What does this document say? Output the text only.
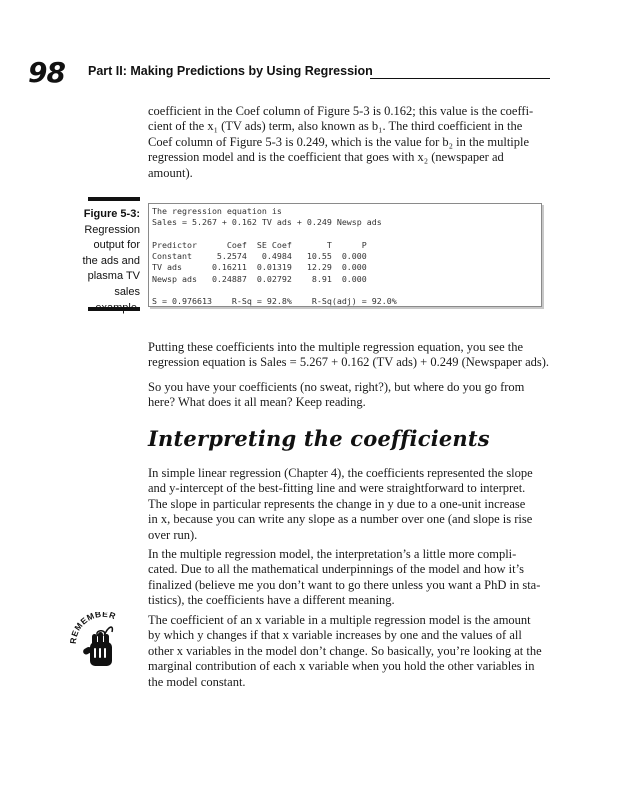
98 Part II: Making Predictions by Using Regression
coefficient in the Coef column of Figure 5-3 is 0.162; this value is the coeffi-
cient of the x₁ (TV ads) term, also known as b₁. The third coefficient in the
Coef column of Figure 5-3 is 0.249, which is the value for b₂ in the multiple
regression model and is the coefficient that goes with x₂ (newspaper ad
amount).
Figure 5-3:
Regression
output for
the ads and
plasma TV
sales
The regression equation is
Sales = 5.267 + 0.162 TV ads + 0.249 Newsp ads

Predictor      Coef  SE Coef       T      P
Constant     5.2574   0.4984   10.55  0.000
TV ads      0.16211  0.01319   12.29  0.000
Newsp ads   0.24887  0.02792    8.91  0.000

S = 0.976613    R-Sq = 92.8%    R-Sq(adj) = 92.0%
Putting these coefficients into the multiple regression equation, you see the
regression equation is Sales = 5.267 + 0.162 (TV ads) + 0.249 (Newspaper ads).
So you have your coefficients (no sweat, right?), but where do you go from
here? What does it all mean? Keep reading.
Interpreting the coefficients
In simple linear regression (Chapter 4), the coefficients represented the slope
and y-intercept of the best-fitting line and were straightforward to interpret.
The slope in particular represents the change in y due to a one-unit increase
in x, because you can write any slope as a number over one (and slope is rise
over run).
In the multiple regression model, the interpretation’s a little more compli-
cated. Due to all the mathematical underpinnings of the model and how it’s
finalized (believe me you don’t want to go there unless you want a PhD in sta-
tistics), the coefficients have a different meaning.
REMEMBER The coefficient of an x variable in a multiple regression model is the amount
by which y changes if that x variable increases by one and the values of all
other x variables in the model don’t change. So basically, you’re looking at the
marginal contribution of each x variable when you hold the other variables in
the model constant.
